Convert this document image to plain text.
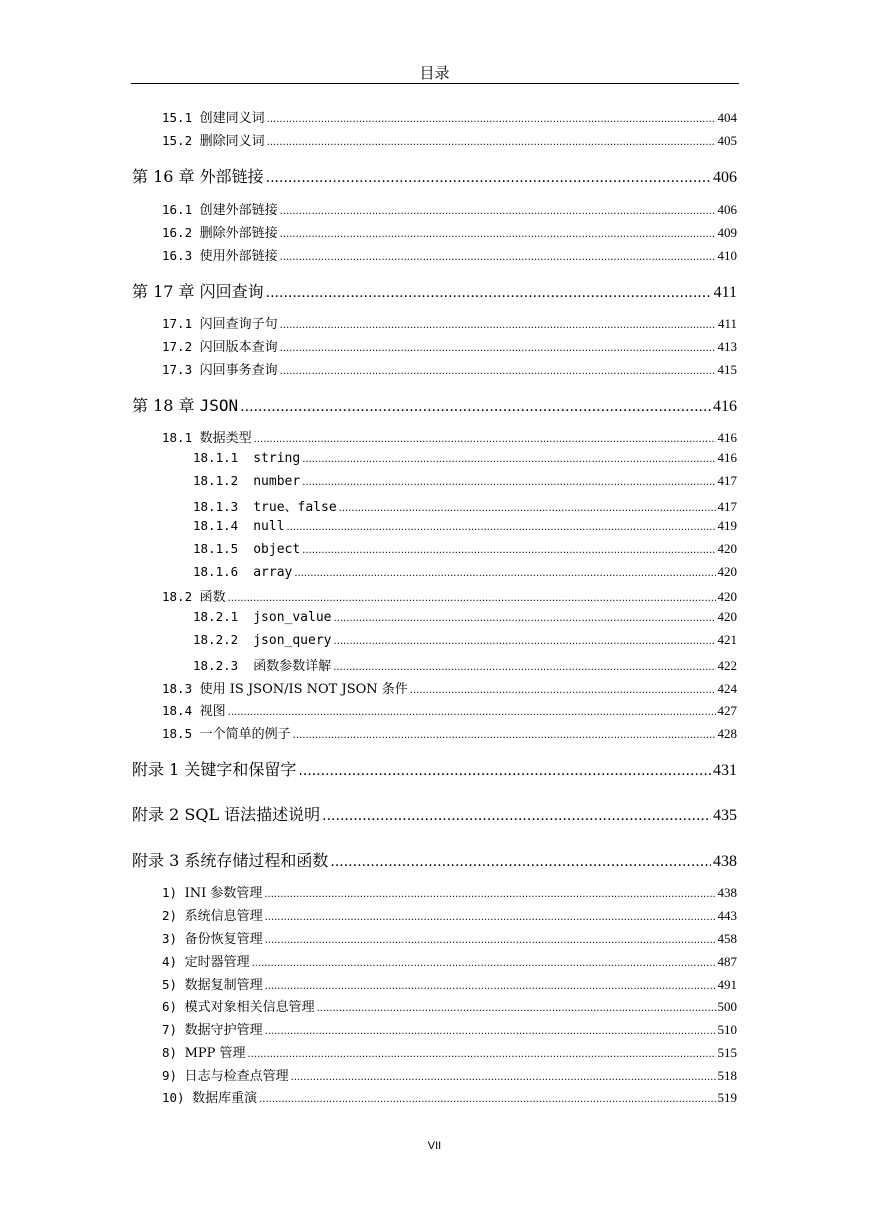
目录
15.1 创建同义词 .....	404
15.2 删除同义词 .....	405
第 16 章 外部链接 .....	406
16.1 创建外部链接 .....	406
16.2 删除外部链接 .....	409
16.3 使用外部链接 .....	410
第 17 章 闪回查询 .....	411
17.1 闪回查询子句 .....	411
17.2 闪回版本查询 .....	413
17.3 闪回事务查询 .....	415
第 18 章 JSON .....	416
18.1 数据类型 .....	416
18.1.1  string .....	416
18.1.2  number .....	417
18.1.3  true、false .....	417
18.1.4  null .....	419
18.1.5  object .....	420
18.1.6  array .....	420
18.2 函数 .....	420
18.2.1  json_value .....	420
18.2.2  json_query .....	421
18.2.3  函数参数详解 .....	422
18.3 使用 IS JSON/IS NOT JSON 条件 .....	424
18.4 视图 .....	427
18.5 一个简单的例子 .....	428
附录 1 关键字和保留字 .....	431
附录 2 SQL 语法描述说明 .....	435
附录 3 系统存储过程和函数 .....	438
1) INI 参数管理 .....	438
2) 系统信息管理 .....	443
3) 备份恢复管理 .....	458
4) 定时器管理 .....	487
5) 数据复制管理 .....	491
6) 模式对象相关信息管理 .....	500
7) 数据守护管理 .....	510
8) MPP 管理 .....	515
9) 日志与检查点管理 .....	518
10) 数据库重演 .....	519
VII
